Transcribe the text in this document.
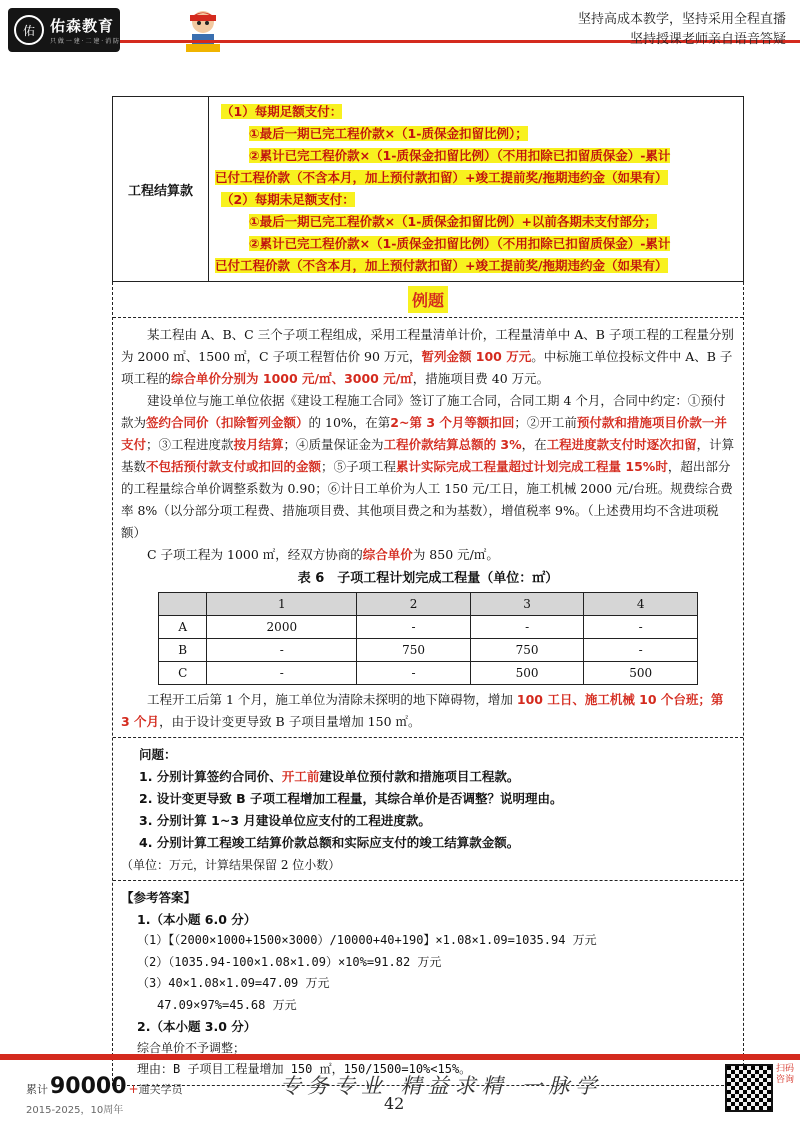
佑	佑森教育
只 做 一 建 · 二 建 · 消 防
坚持高成本教学，坚持采用全程直播
坚持授课老师亲自语音答疑
工程结算款	
（1）每期足额支付：
①最后一期已完工程价款×（1-质保金扣留比例）；
②累计已完工程价款×（1-质保金扣留比例）（不用扣除已扣留质保金）-累计
已付工程价款（不含本月，加上预付款扣留）+竣工提前奖/拖期违约金（如果有）
（2）每期未足额支付：
①最后一期已完工程价款×（1-质保金扣留比例）+以前各期未支付部分；
②累计已完工程价款×（1-质保金扣留比例）（不用扣除已扣留质保金）-累计
已付工程价款（不含本月，加上预付款扣留）+竣工提前奖/拖期违约金（如果有）
例题

某工程由 A、B、C 三个子项工程组成，采用工程量清单计价，工程量清单中 A、B 子项工程的工程量分别为 2000 ㎡、1500 ㎡，C 子项工程暂估价 90 万元，暂列金额 100 万元。中标施工单位投标文件中 A、B 子项工程的综合单价分别为 1000 元/㎡、3000 元/㎡，措施项目费 40 万元。

建设单位与施工单位依据《建设工程施工合同》签订了施工合同，合同工期 4 个月，合同中约定：①预付款为签约合同价（扣除暂列金额）的 10%，在第2~第 3 个月等额扣回；②开工前预付款和措施项目价款一并支付；③工程进度款按月结算；④质量保证金为工程价款结算总额的 3%，在工程进度款支付时逐次扣留，计算基数不包括预付款支付或扣回的金额；⑤子项工程累计实际完成工程量超过计划完成工程量 15%时，超出部分的工程量综合单价调整系数为 0.90；⑥计日工单价为人工 150 元/工日，施工机械 2000 元/台班。规费综合费率 8%（以分部分项工程费、措施项目费、其他项目费之和为基数），增值税率 9%。（上述费用均不含进项税额）

C 子项工程为 1000 ㎡，经双方协商的综合单价为 850 元/㎡。

表 6　子项工程计划完成工程量（单位：㎡）
	1	2	3	4
A	2000	-	-	-
B	-	750	750	-
C	-	-	500	500

工程开工后第 1 个月，施工单位为清除未探明的地下障碍物，增加 100 工日、施工机械 10 个台班；第 3 个月，由于设计变更导致 B 子项目量增加 150 ㎡。

问题：
1. 分别计算签约合同价、开工前建设单位预付款和措施项目工程款。
2. 设计变更导致 B 子项工程增加工程量，其综合单价是否调整？说明理由。
3. 分别计算 1~3 月建设单位应支付的工程进度款。
4. 分别计算工程竣工结算价款总额和实际应支付的竣工结算款金额。
（单位：万元，计算结果保留 2 位小数）
【参考答案】
1.（本小题 6.0 分）
（1）【（2000×1000+1500×3000）/10000+40+190】×1.08×1.09=1035.94 万元
（2）（1035.94-100×1.08×1.09）×10%=91.82 万元
（3）40×1.08×1.09=47.09 万元
47.09×97%=45.68 万元
2.（本小题 3.0 分）
综合单价不予调整；
理由：B 子项目工程量增加 150 ㎡，150/1500=10%<15%。
累计 90000 + 通关学员
2015-2025，10周年
专务专业 精益求精 一脉学
42
扫码咨询
